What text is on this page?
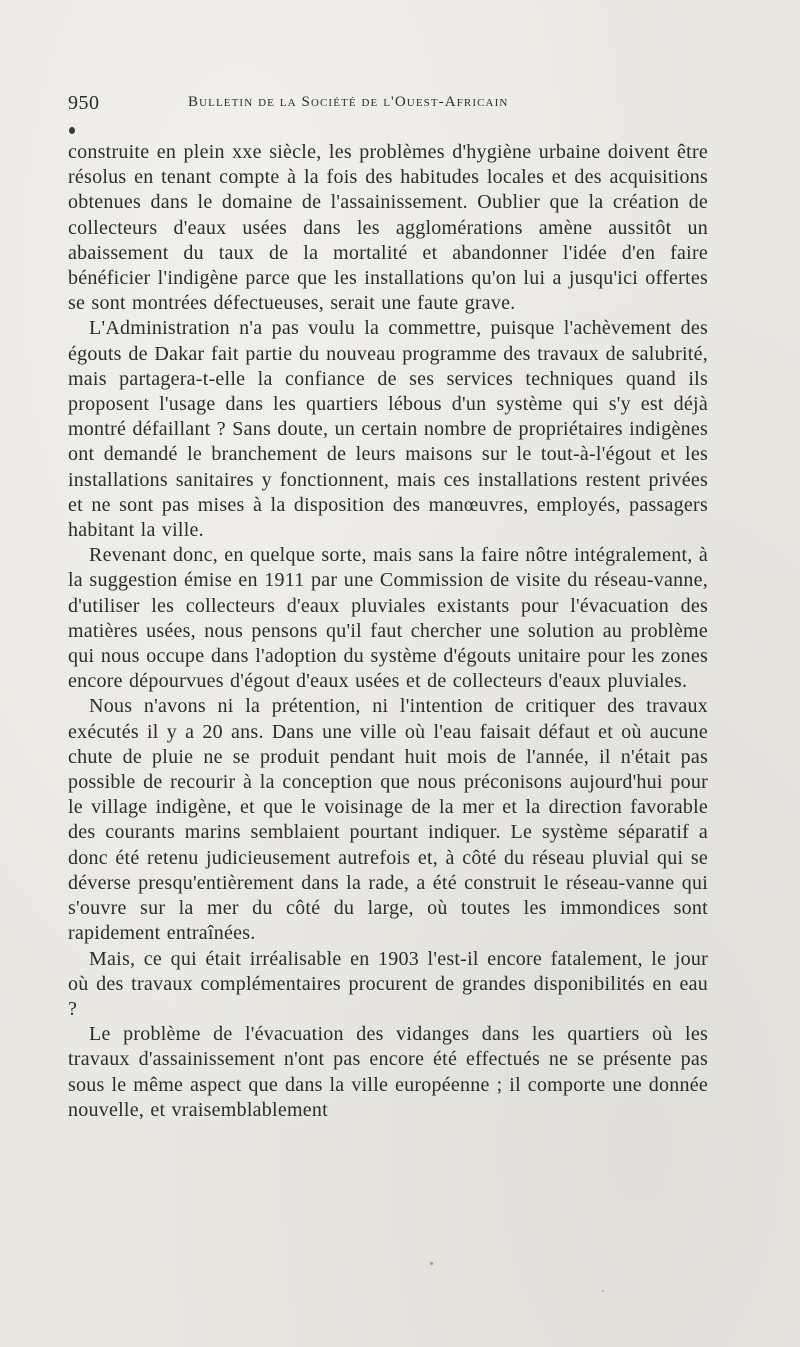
950	Bulletin de la Société de l'Ouest-Africain

construite en plein xxe siècle, les problèmes d'hygiène urbaine doivent être résolus en tenant compte à la fois des habitudes locales et des acquisitions obtenues dans le domaine de l'assainissement. Oublier que la création de collecteurs d'eaux usées dans les agglomérations amène aussitôt un abaissement du taux de la mortalité et abandonner l'idée d'en faire bénéficier l'indigène parce que les installations qu'on lui a jusqu'ici offertes se sont montrées défectueuses, serait une faute grave.

L'Administration n'a pas voulu la commettre, puisque l'achèvement des égouts de Dakar fait partie du nouveau programme des travaux de salubrité, mais partagera-t-elle la confiance de ses services techniques quand ils proposent l'usage dans les quartiers lébous d'un système qui s'y est déjà montré défaillant ? Sans doute, un certain nombre de propriétaires indigènes ont demandé le branchement de leurs maisons sur le tout-à-l'égout et les installations sanitaires y fonctionnent, mais ces installations restent privées et ne sont pas mises à la disposition des manœuvres, employés, passagers habitant la ville.

Revenant donc, en quelque sorte, mais sans la faire nôtre intégralement, à la suggestion émise en 1911 par une Commission de visite du réseau-vanne, d'utiliser les collecteurs d'eaux pluviales existants pour l'évacuation des matières usées, nous pensons qu'il faut chercher une solution au problème qui nous occupe dans l'adoption du système d'égouts unitaire pour les zones encore dépourvues d'égout d'eaux usées et de collecteurs d'eaux pluviales.

Nous n'avons ni la prétention, ni l'intention de critiquer des travaux exécutés il y a 20 ans. Dans une ville où l'eau faisait défaut et où aucune chute de pluie ne se produit pendant huit mois de l'année, il n'était pas possible de recourir à la conception que nous préconisons aujourd'hui pour le village indigène, et que le voisinage de la mer et la direction favorable des courants marins semblaient pourtant indiquer. Le système séparatif a donc été retenu judicieusement autrefois et, à côté du réseau pluvial qui se déverse presqu'entièrement dans la rade, a été construit le réseau-vanne qui s'ouvre sur la mer du côté du large, où toutes les immondices sont rapidement entraînées.

Mais, ce qui était irréalisable en 1903 l'est-il encore fatalement, le jour où des travaux complémentaires procurent de grandes disponibilités en eau ?

Le problème de l'évacuation des vidanges dans les quartiers où les travaux d'assainissement n'ont pas encore été effectués ne se présente pas sous le même aspect que dans la ville européenne ; il comporte une donnée nouvelle, et vraisemblablement
